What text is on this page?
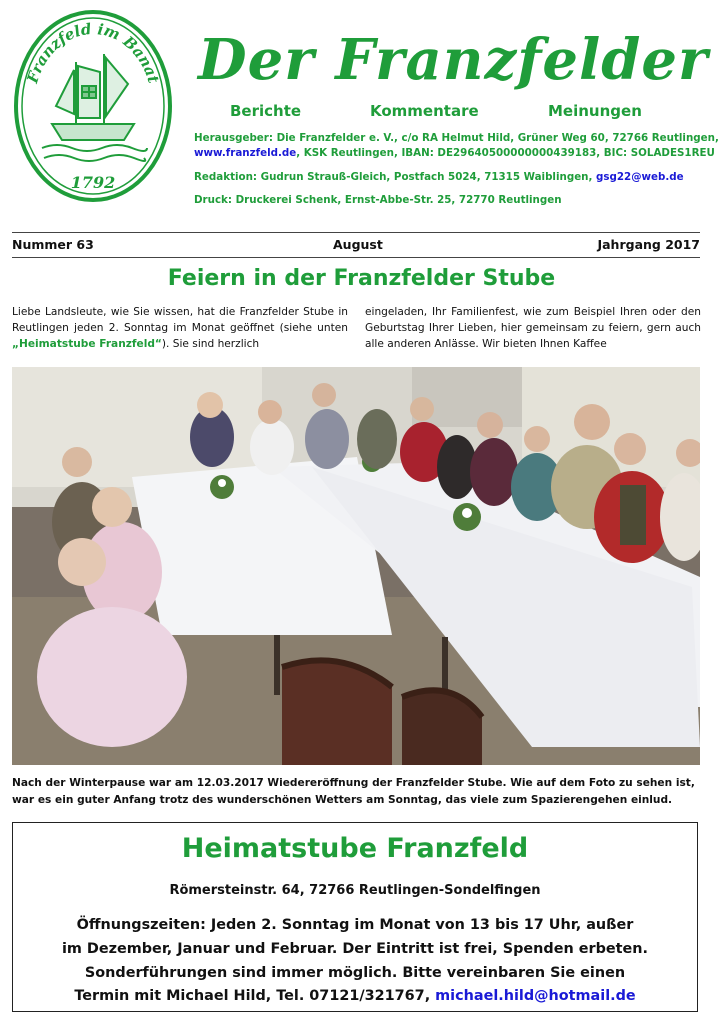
Franzfeld im Banat
1792
Der Franzfelder
Berichte	Kommentare	Meinungen
Herausgeber: Die Franzfelder e. V., c/o RA Helmut Hild, Grüner Weg 60, 72766 Reutlingen,
www.franzfeld.de, KSK Reutlingen, IBAN: DE29640500000000439183, BIC: SOLADES1REU
Redaktion: Gudrun Strauß-Gleich, Postfach 5024, 71315 Waiblingen, gsg22@web.de
Druck: Druckerei Schenk, Ernst-Abbe-Str. 25, 72770 Reutlingen
Nummer 63	August	Jahrgang 2017
Feiern in der Franzfelder Stube
Liebe Landsleute, wie Sie wissen, hat die Franzfelder Stube in Reutlingen jeden 2. Sonntag im Monat geöffnet (siehe unten „Heimatstube Franzfeld“). Sie sind herzlich
eingeladen, Ihr Familienfest, wie zum Beispiel Ihren oder den Geburtstag Ihrer Lieben, hier gemeinsam zu feiern, gern auch alle anderen Anlässe. Wir bieten Ihnen Kaffee
Nach der Winterpause war am 12.03.2017 Wiedereröffnung der Franzfelder Stube. Wie auf dem Foto zu sehen ist,
war es ein guter Anfang trotz des wunderschönen Wetters am Sonntag, das viele zum Spazierengehen einlud.
Heimatstube Franzfeld
Römersteinstr. 64, 72766 Reutlingen-Sondelfingen
Öffnungszeiten: Jeden 2. Sonntag im Monat von 13 bis 17 Uhr, außer
im Dezember, Januar und Februar. Der Eintritt ist frei, Spenden erbeten.
Sonderführungen sind immer möglich. Bitte vereinbaren Sie einen
Termin mit Michael Hild, Tel. 07121/321767, michael.hild@hotmail.de
